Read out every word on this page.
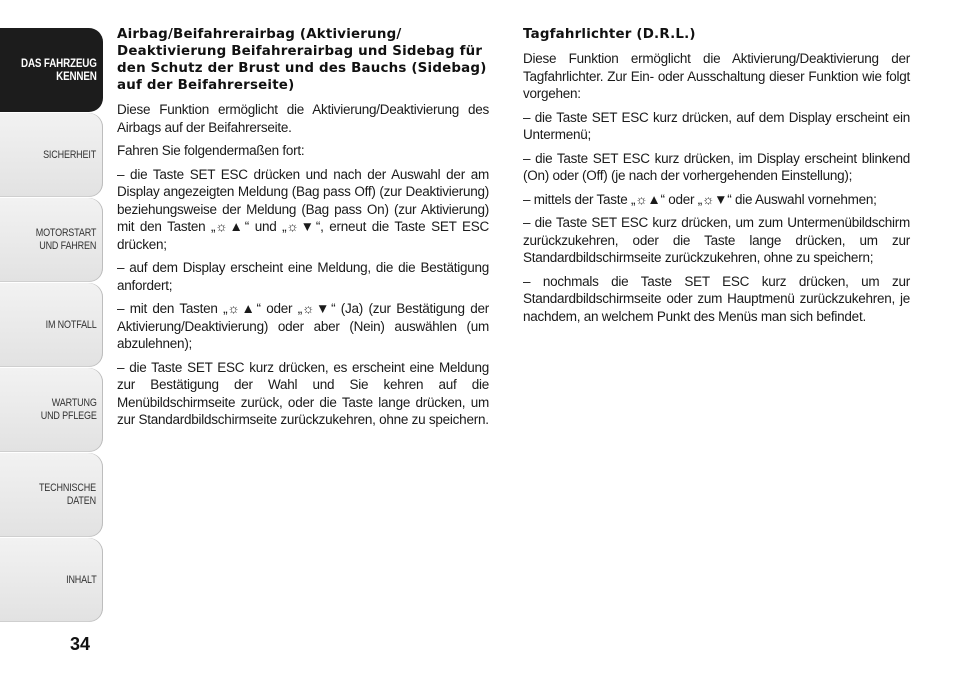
DAS FAHRZEUG
KENNEN
SICHERHEIT
MOTORSTART
UND FAHREN
IM NOTFALL
WARTUNG
UND PFLEGE
TECHNISCHE
DATEN
INHALT
34
Airbag/Beifahrerairbag (Aktivierung/ Deaktivierung Beifahrerairbag und Sidebag für den Schutz der Brust und des Bauchs (Sidebag) auf der Beifahrerseite)

Diese Funktion ermöglicht die Aktivierung/Deaktivierung des Airbags auf der Beifahrerseite.

Fahren Sie folgendermaßen fort:

– die Taste SET ESC drücken und nach der Auswahl der am Display angezeigten Meldung (Bag pass Off) (zur Deaktivierung) beziehungsweise der Meldung (Bag pass On) (zur Aktivierung) mit den Tasten „☼▲“ und „☼▼“, erneut die Taste SET ESC drücken;

– auf dem Display erscheint eine Meldung, die die Bestätigung anfordert;

– mit den Tasten „☼▲“ oder „☼▼“ (Ja) (zur Bestätigung der Aktivierung/Deaktivierung) oder aber (Nein) auswählen (um abzulehnen);

– die Taste SET ESC kurz drücken, es erscheint eine Meldung zur Bestätigung der Wahl und Sie kehren auf die Menübildschirmseite zurück, oder die Taste lange drücken, um zur Standardbildschirmseite zurückzukehren, ohne zu speichern.

Tagfahrlichter (D.R.L.)

Diese Funktion ermöglicht die Aktivierung/Deaktivierung der Tagfahrlichter. Zur Ein- oder Ausschaltung dieser Funktion wie folgt vorgehen:

– die Taste SET ESC kurz drücken, auf dem Display erscheint ein Untermenü;

– die Taste SET ESC kurz drücken, im Display erscheint blinkend (On) oder (Off) (je nach der vorhergehenden Einstellung);

– mittels der Taste „☼▲“ oder „☼▼“ die Auswahl vornehmen;

– die Taste SET ESC kurz drücken, um zum Untermenübildschirm zurückzukehren, oder die Taste lange drücken, um zur Standardbildschirmseite zurückzukehren, ohne zu speichern;

– nochmals die Taste SET ESC kurz drücken, um zur Standardbildschirmseite oder zum Hauptmenü zurückzukehren, je nachdem, an welchem Punkt des Menüs man sich befindet.
